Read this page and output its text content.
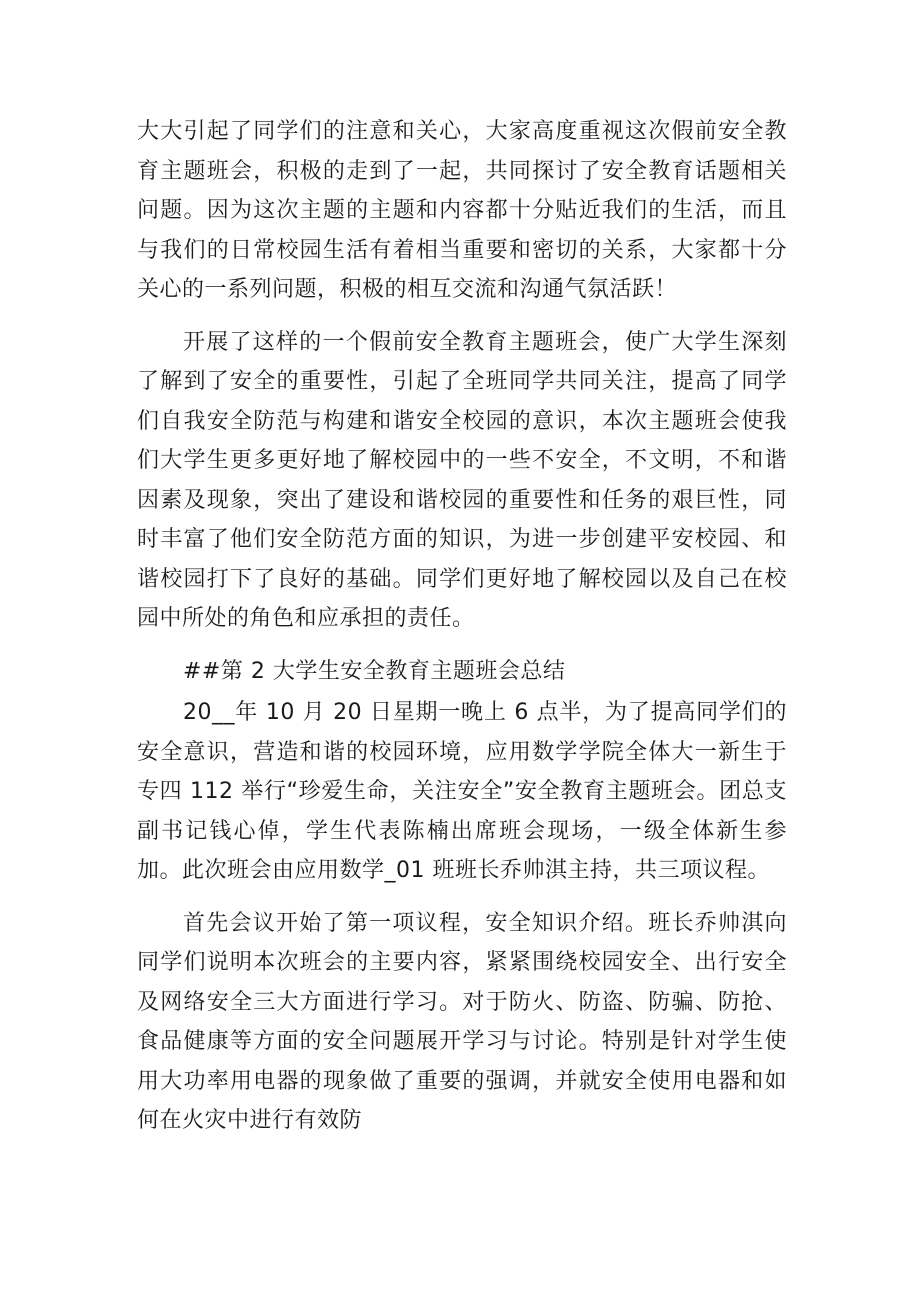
大大引起了同学们的注意和关心，大家高度重视这次假前安全教育主题班会，积极的走到了一起，共同探讨了安全教育话题相关问题。因为这次主题的主题和内容都十分贴近我们的生活，而且与我们的日常校园生活有着相当重要和密切的关系，大家都十分关心的一系列问题，积极的相互交流和沟通气氛活跃！

开展了这样的一个假前安全教育主题班会，使广大学生深刻了解到了安全的重要性，引起了全班同学共同关注，提高了同学们自我安全防范与构建和谐安全校园的意识，本次主题班会使我们大学生更多更好地了解校园中的一些不安全，不文明，不和谐因素及现象，突出了建设和谐校园的重要性和任务的艰巨性，同时丰富了他们安全防范方面的知识，为进一步创建平安校园、和谐校园打下了良好的基础。同学们更好地了解校园以及自己在校园中所处的角色和应承担的责任。

##第 2 大学生安全教育主题班会总结

20__年 10 月 20 日星期一晚上 6 点半，为了提高同学们的安全意识，营造和谐的校园环境，应用数学学院全体大一新生于专四 112 举行“珍爱生命，关注安全”安全教育主题班会。团总支副书记钱心倬，学生代表陈楠出席班会现场，一级全体新生参加。此次班会由应用数学_01 班班长乔帅淇主持，共三项议程。

首先会议开始了第一项议程，安全知识介绍。班长乔帅淇向同学们说明本次班会的主要内容，紧紧围绕校园安全、出行安全及网络安全三大方面进行学习。对于防火、防盗、防骗、防抢、食品健康等方面的安全问题展开学习与讨论。特别是针对学生使用大功率用电器的现象做了重要的强调，并就安全使用电器和如何在火灾中进行有效防
